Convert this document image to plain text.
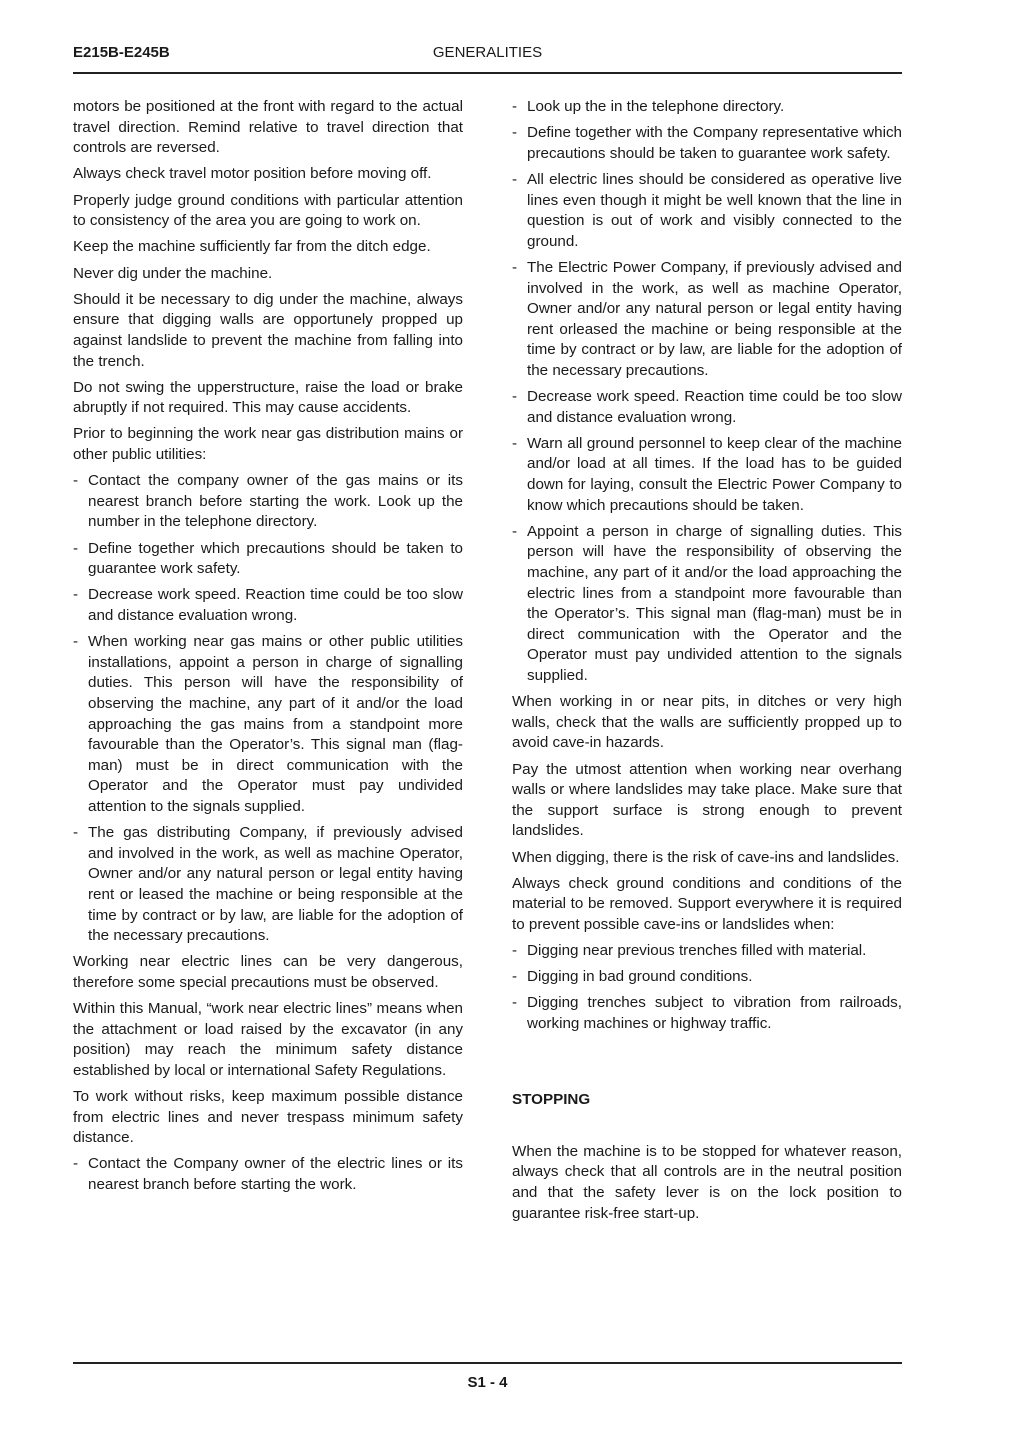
E215B-E245B	GENERALITIES

motors be positioned at the front with regard to the actual travel direction. Remind relative to travel direction that controls are reversed.

Always check travel motor position before moving off.

Properly judge ground conditions with particular attention to consistency of the area you are going to work on.

Keep the machine sufficiently far from the ditch edge.

Never dig under the machine.

Should it be necessary to dig under the machine, always ensure that digging walls are opportunely propped up against landslide to prevent the machine from falling into the trench.

Do not swing the upperstructure, raise the load or brake abruptly if not required. This may cause accidents.

Prior to beginning the work near gas distribution mains or other public utilities:

- Contact the company owner of the gas mains or its nearest branch before starting the work. Look up the number in the telephone directory.
- Define together which precautions should be taken to guarantee work safety.
- Decrease work speed. Reaction time could be too slow and distance evaluation wrong.
- When working near gas mains or other public utilities installations, appoint a person in charge of signalling duties. This person will have the responsibility of observing the machine, any part of it and/or the load approaching the gas mains from a standpoint more favourable than the Operator’s. This signal man (flag-man) must be in direct communication with the Operator and the Operator must pay undivided attention to the signals supplied.
- The gas distributing Company, if previously advised and involved in the work, as well as machine Operator, Owner and/or any natural person or legal entity having rent or leased the machine or being responsible at the time by contract or by law, are liable for the adoption of the necessary precautions.

Working near electric lines can be very dangerous, therefore some special precautions must be observed.

Within this Manual, “work near electric lines” means when the attachment or load raised by the excavator (in any position) may reach the minimum safety distance established by local or international Safety Regulations.

To work without risks, keep maximum possible distance from electric lines and never trespass minimum safety distance.

- Contact the Company owner of the electric lines or its nearest branch before starting the work.
- Look up the in the telephone directory.
- Define together with the Company representative which precautions should be taken to guarantee work safety.
- All electric lines should be considered as operative live lines even though it might be well known that the line in question is out of work and visibly connected to the ground.
- The Electric Power Company, if previously advised and involved in the work, as well as machine Operator, Owner and/or any natural person or legal entity having rent orleased the machine or being responsible at the time by contract or by law, are liable for the adoption of the necessary precautions.
- Decrease work speed. Reaction time could be too slow and distance evaluation wrong.
- Warn all ground personnel to keep clear of the machine and/or load at all times. If the load has to be guided down for laying, consult the Electric Power Company to know which precautions should be taken.
- Appoint a person in charge of signalling duties. This person will have the responsibility of observing the machine, any part of it and/or the load approaching the electric lines from a standpoint more favourable than the Operator’s. This signal man (flag-man) must be in direct communication with the Operator and the Operator must pay undivided attention to the signals supplied.

When working in or near pits, in ditches or very high walls, check that the walls are sufficiently propped up to avoid cave-in hazards.

Pay the utmost attention when working near overhang walls or where landslides may take place. Make sure that the support surface is strong enough to prevent landslides.

When digging, there is the risk of cave-ins and landslides.

Always check ground conditions and conditions of the material to be removed. Support everywhere it is required to prevent possible cave-ins or landslides when:

- Digging near previous trenches filled with material.
- Digging in bad ground conditions.
- Digging trenches subject to vibration from railroads, working machines or highway traffic.

STOPPING

When the machine is to be stopped for whatever reason, always check that all controls are in the neutral position and that the safety lever is on the lock position to guarantee risk-free start-up.

S1 - 4
